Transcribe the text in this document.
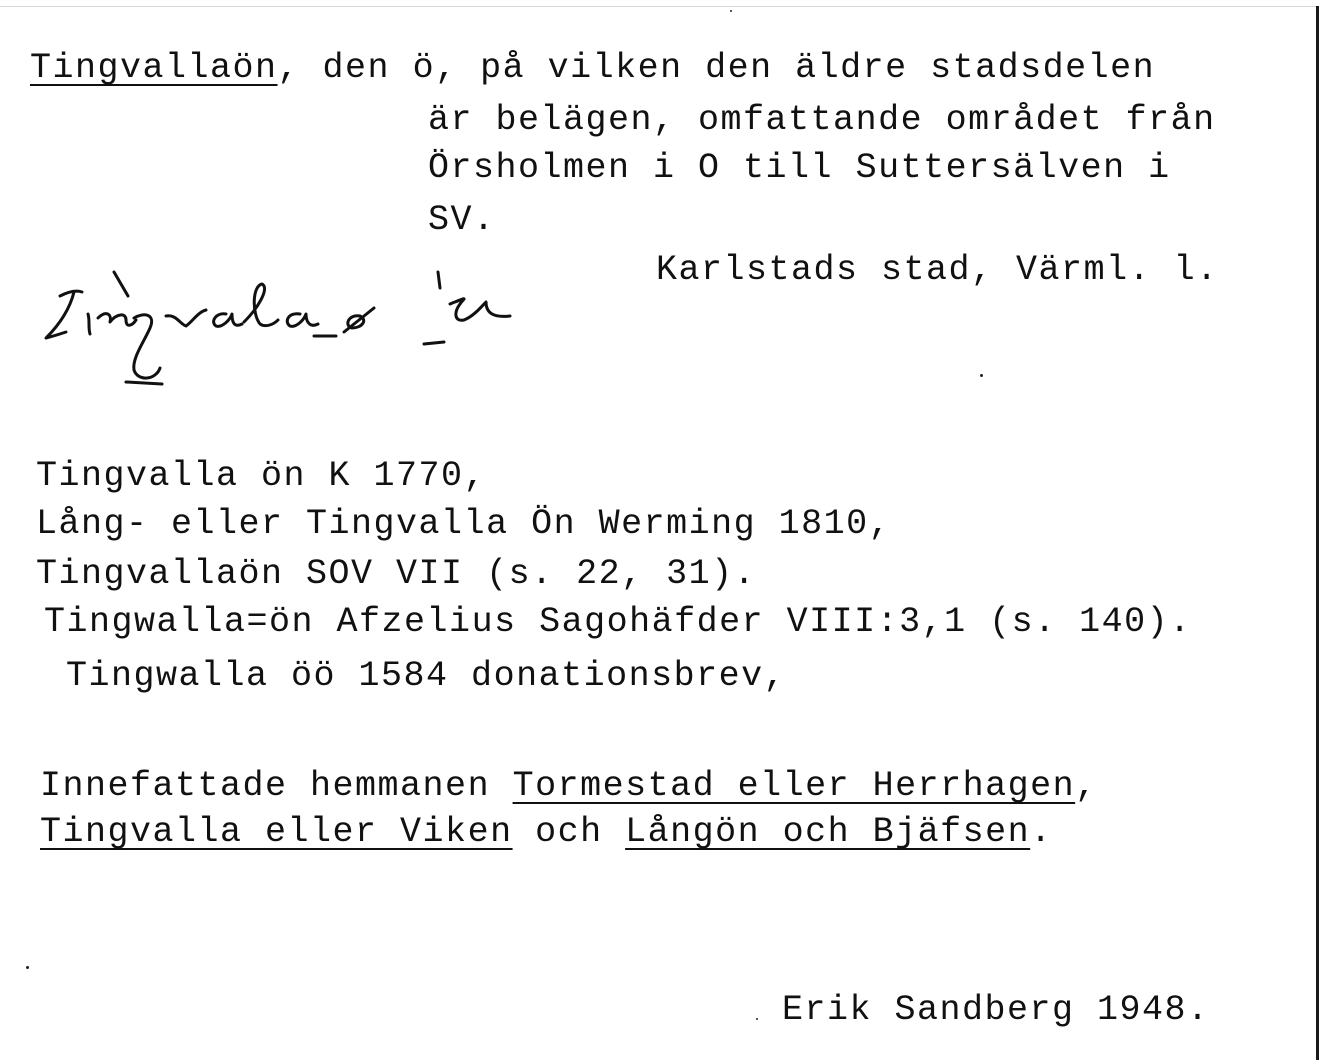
Tingvallaön, den ö, på vilken den äldre stadsdelen
är belägen, omfattande området från
Örsholmen i O till Suttersälven i
SV.
Karlstads stad, Värml. l.
Tingvalla ön K 1770,
Lång- eller Tingvalla Ön Werming 1810,
Tingvallaön SOV VII (s. 22, 31).
Tingwalla=ön Afzelius Sagohäfder VIII:3,1 (s. 140).
Tingwalla öö 1584 donationsbrev,
Innefattade hemmanen Tormestad eller Herrhagen,
Tingvalla eller Viken och Långön och Bjäfsen.
Erik Sandberg 1948.
